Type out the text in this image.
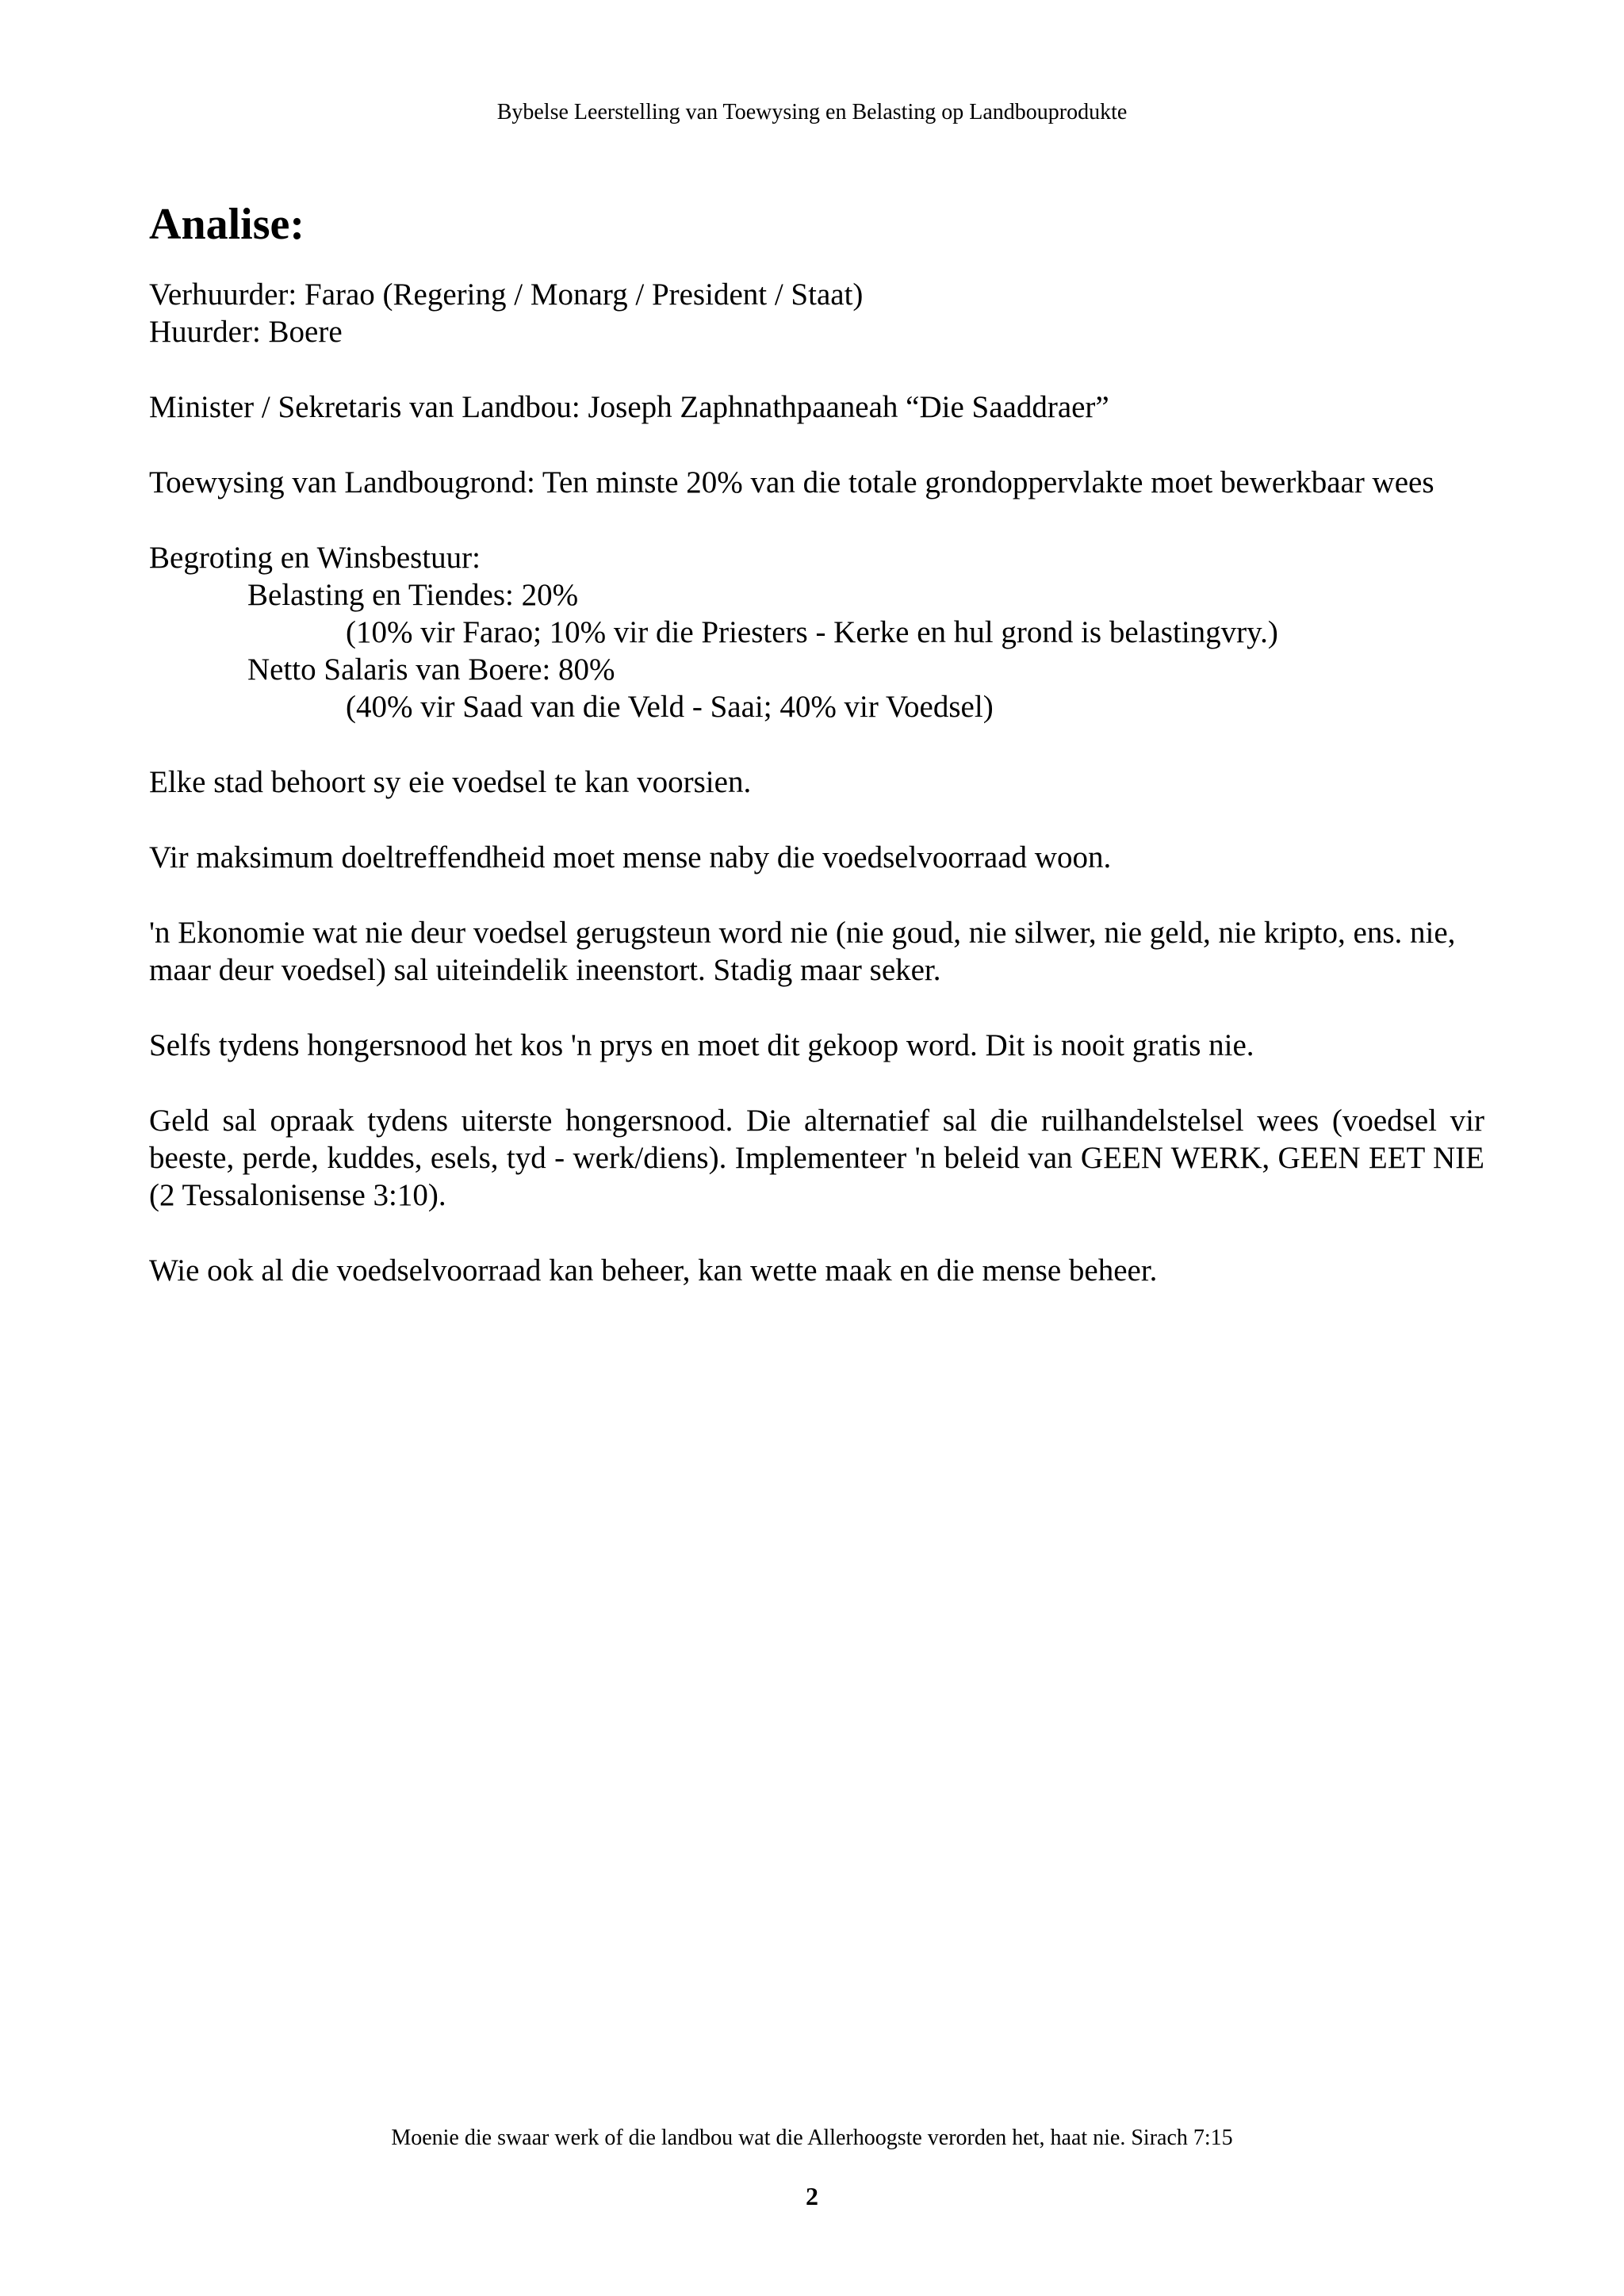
Bybelse Leerstelling van Toewysing en Belasting op Landbouprodukte
Analise:
Verhuurder: Farao (Regering / Monarg / President / Staat)
Huurder: Boere
Minister / Sekretaris van Landbou: Joseph Zaphnathpaaneah “Die Saaddraer”
Toewysing van Landbougrond: Ten minste 20% van die totale grondoppervlakte moet bewerkbaar wees
Begroting en Winsbestuur:
Belasting en Tiendes: 20%
(10% vir Farao; 10% vir die Priesters - Kerke en hul grond is belastingvry.)
Netto Salaris van Boere: 80%
(40% vir Saad van die Veld - Saai; 40% vir Voedsel)
Elke stad behoort sy eie voedsel te kan voorsien.
Vir maksimum doeltreffendheid moet mense naby die voedselvoorraad woon.
'n Ekonomie wat nie deur voedsel gerugsteun word nie (nie goud, nie silwer, nie geld, nie kripto, ens. nie, maar deur voedsel) sal uiteindelik ineenstort. Stadig maar seker.
Selfs tydens hongersnood het kos 'n prys en moet dit gekoop word. Dit is nooit gratis nie.
Geld sal opraak tydens uiterste hongersnood. Die alternatief sal die ruilhandelstelsel wees (voedsel vir beeste, perde, kuddes, esels, tyd - werk/diens). Implementeer 'n beleid van GEEN WERK, GEEN EET NIE (2 Tessalonisense 3:10).
Wie ook al die voedselvoorraad kan beheer, kan wette maak en die mense beheer.
Moenie die swaar werk of die landbou wat die Allerhoogste verorden het, haat nie. Sirach 7:15
2
